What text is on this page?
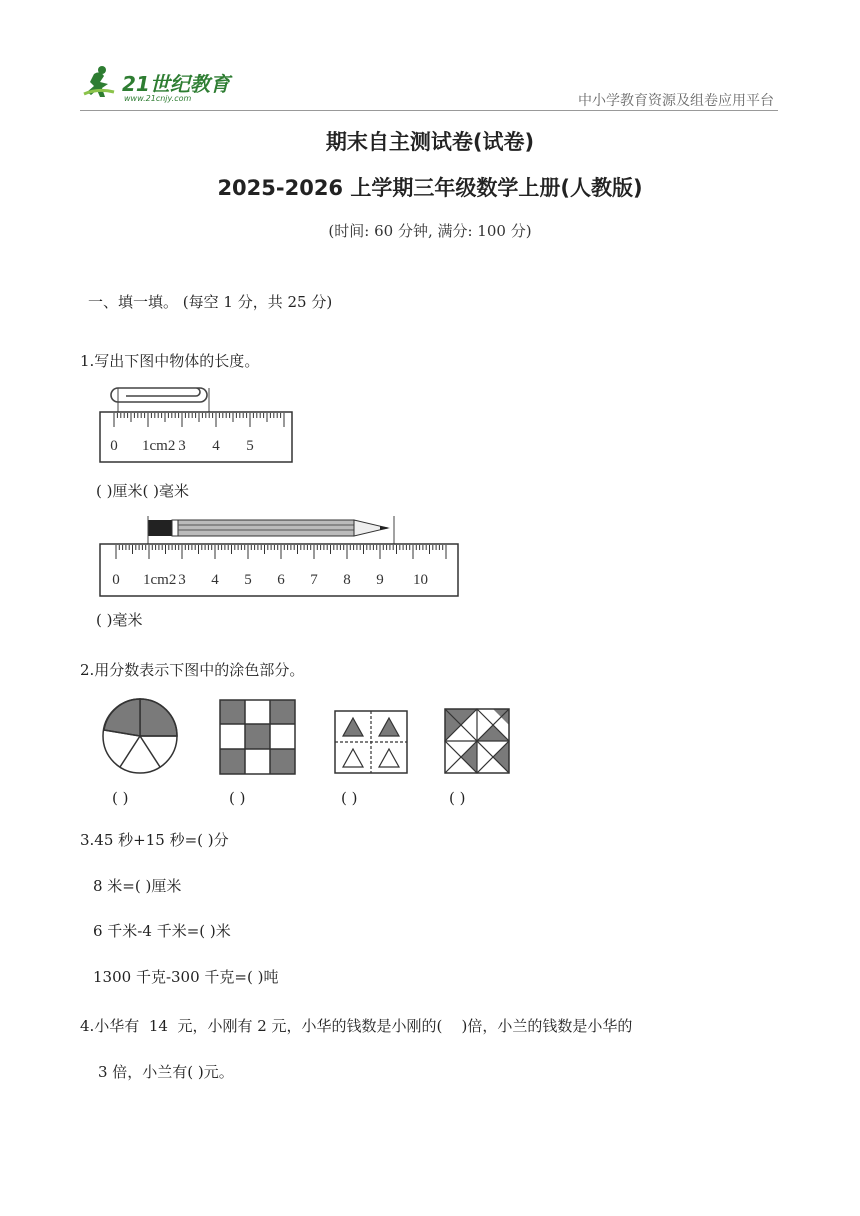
21世纪教育
www.21cnjy.com	中小学教育资源及组卷应用平台
期末自主测试卷(试卷)
2025-2026 上学期三年级数学上册(人教版)
(时间: 60 分钟, 满分: 100 分)
一、填一填。 (每空 1 分，共 25 分)
1.写出下图中物体的长度。
0 1cm2 3 4 5
( )厘米( )毫米
0 1cm2 3 4 5 6 7 8 9 10
( )毫米
2.用分数表示下图中的涂色部分。
( )	( )	( )	( )
3.45 秒+15 秒=( )分
8 米=( )厘米
6 千米-4 千米=( )米
1300 千克-300 千克=( )吨
4.小华有  14  元，小刚有 2 元，小华的钱数是小刚的(    )倍，小兰的钱数是小华的
3 倍，小兰有( )元。
